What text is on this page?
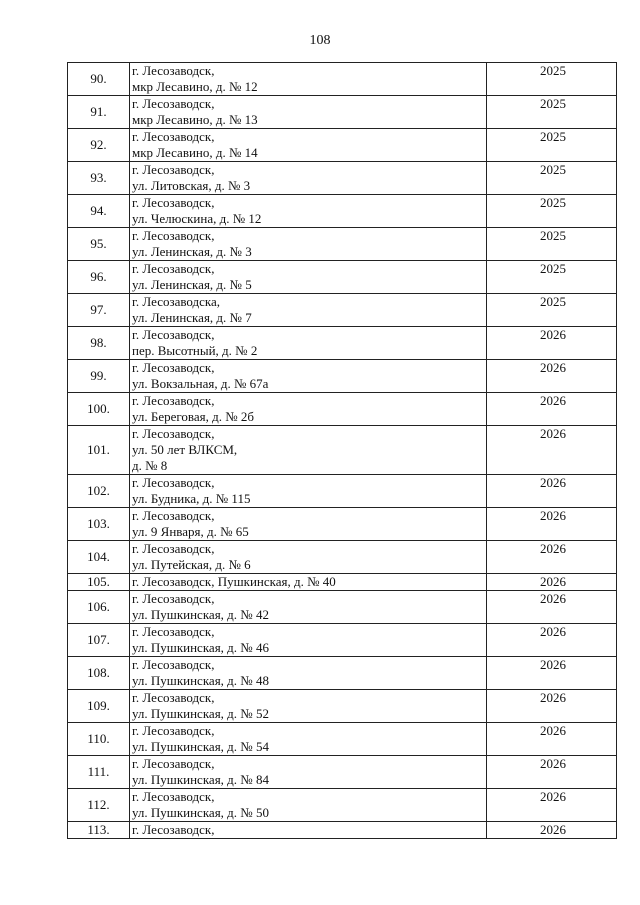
108
90.	г. Лесозаводск,
мкр Лесавино, д. № 12	2025
91.	г. Лесозаводск,
мкр Лесавино, д. № 13	2025
92.	г. Лесозаводск,
мкр Лесавино, д. № 14	2025
93.	г. Лесозаводск,
ул. Литовская, д. № 3	2025
94.	г. Лесозаводск,
ул. Челюскина, д. № 12	2025
95.	г. Лесозаводск,
ул. Ленинская, д. № 3	2025
96.	г. Лесозаводск,
ул. Ленинская, д. № 5	2025
97.	г. Лесозаводска,
ул. Ленинская, д. № 7	2025
98.	г. Лесозаводск,
пер. Высотный, д. № 2	2026
99.	г. Лесозаводск,
ул. Вокзальная, д. № 67а	2026
100.	г. Лесозаводск,
ул. Береговая, д. № 2б	2026
101.	г. Лесозаводск,
ул. 50 лет ВЛКСМ,
д. № 8	2026
102.	г. Лесозаводск,
ул. Будника, д. № 115	2026
103.	г. Лесозаводск,
ул. 9 Января, д. № 65	2026
104.	г. Лесозаводск,
ул. Путейская, д. № 6	2026
105.	г. Лесозаводск, Пушкинская, д. № 40	2026
106.	г. Лесозаводск,
ул. Пушкинская, д. № 42	2026
107.	г. Лесозаводск,
ул. Пушкинская, д. № 46	2026
108.	г. Лесозаводск,
ул. Пушкинская, д. № 48	2026
109.	г. Лесозаводск,
ул. Пушкинская, д. № 52	2026
110.	г. Лесозаводск,
ул. Пушкинская, д. № 54	2026
111.	г. Лесозаводск,
ул. Пушкинская, д. № 84	2026
112.	г. Лесозаводск,
ул. Пушкинская, д. № 50	2026
113.	г. Лесозаводск,	2026
